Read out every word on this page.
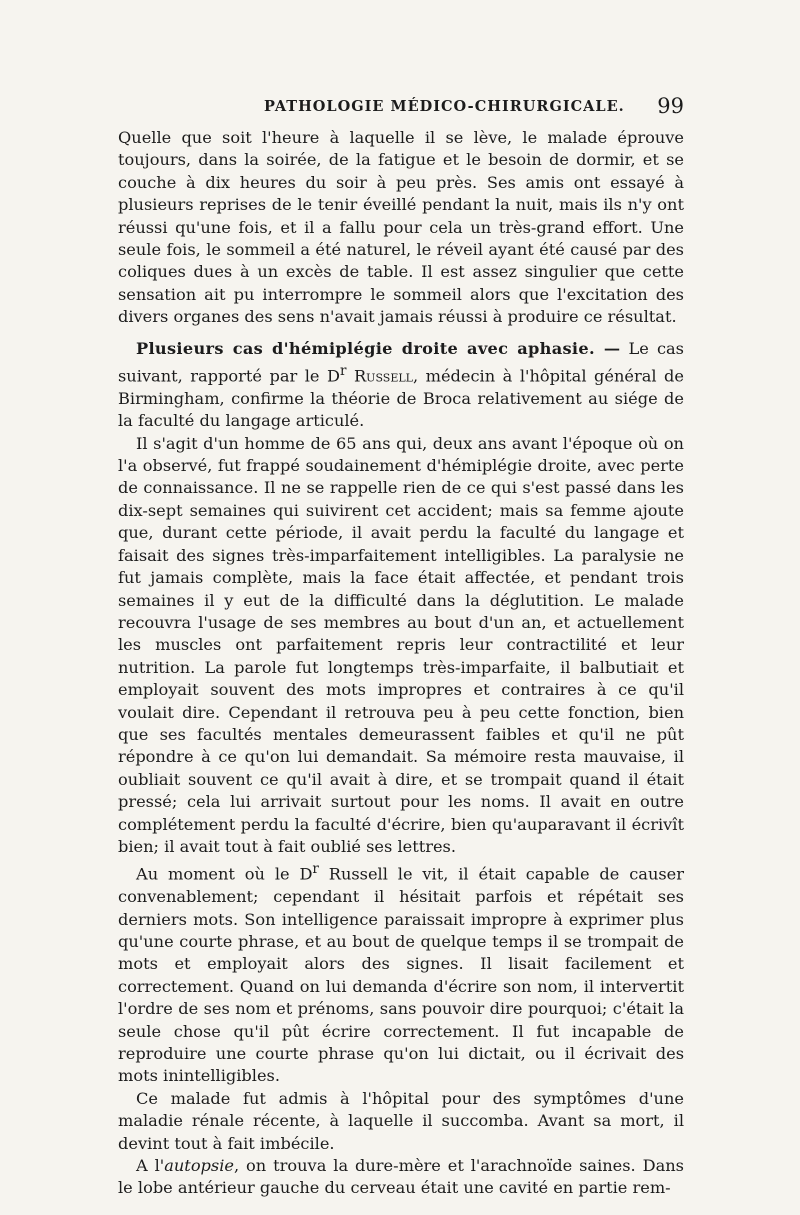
PATHOLOGIE MÉDICO-CHIRURGICALE. 99

Quelle que soit l'heure à laquelle il se lève, le malade éprouve toujours, dans la soirée, de la fatigue et le besoin de dormir, et se couche à dix heures du soir à peu près. Ses amis ont essayé à plusieurs reprises de le tenir éveillé pendant la nuit, mais ils n'y ont réussi qu'une fois, et il a fallu pour cela un très-grand effort. Une seule fois, le sommeil a été naturel, le réveil ayant été causé par des coliques dues à un excès de table. Il est assez singulier que cette sensation ait pu interrompre le sommeil alors que l'excitation des divers organes des sens n'avait jamais réussi à produire ce résultat.

Plusieurs cas d'hémiplégie droite avec aphasie. — Le cas suivant, rapporté par le $D^r$ Russell, médecin à l'hôpital général de Birmingham, confirme la théorie de Broca relativement au siége de la faculté du langage articulé.

Il s'agit d'un homme de 65 ans qui, deux ans avant l'époque où on l'a observé, fut frappé soudainement d'hémiplégie droite, avec perte de connaissance. Il ne se rappelle rien de ce qui s'est passé dans les dix-sept semaines qui suivirent cet accident; mais sa femme ajoute que, durant cette période, il avait perdu la faculté du langage et faisait des signes très-imparfaitement intelligibles. La paralysie ne fut jamais complète, mais la face était affectée, et pendant trois semaines il y eut de la difficulté dans la déglutition. Le malade recouvra l'usage de ses membres au bout d'un an, et actuellement les muscles ont parfaitement repris leur contractilité et leur nutrition. La parole fut longtemps très-imparfaite, il balbutiait et employait souvent des mots impropres et contraires à ce qu'il voulait dire. Cependant il retrouva peu à peu cette fonction, bien que ses facultés mentales demeurassent faibles et qu'il ne pût répondre à ce qu'on lui demandait. Sa mémoire resta mauvaise, il oubliait souvent ce qu'il avait à dire, et se trompait quand il était pressé; cela lui arrivait surtout pour les noms. Il avait en outre complétement perdu la faculté d'écrire, bien qu'auparavant il écrivît bien; il avait tout à fait oublié ses lettres.

Au moment où le $D^r$ Russell le vit, il était capable de causer convenablement; cependant il hésitait parfois et répétait ses derniers mots. Son intelligence paraissait impropre à exprimer plus qu'une courte phrase, et au bout de quelque temps il se trompait de mots et employait alors des signes. Il lisait facilement et correctement. Quand on lui demanda d'écrire son nom, il intervertit l'ordre de ses nom et prénoms, sans pouvoir dire pourquoi; c'était la seule chose qu'il pût écrire correctement. Il fut incapable de reproduire une courte phrase qu'on lui dictait, ou il écrivait des mots inintelligibles.

Ce malade fut admis à l'hôpital pour des symptômes d'une maladie rénale récente, à laquelle il succomba. Avant sa mort, il devint tout à fait imbécile.

A l'autopsie, on trouva la dure-mère et l'arachnoïde saines. Dans le lobe antérieur gauche du cerveau était une cavité en partie rem-
